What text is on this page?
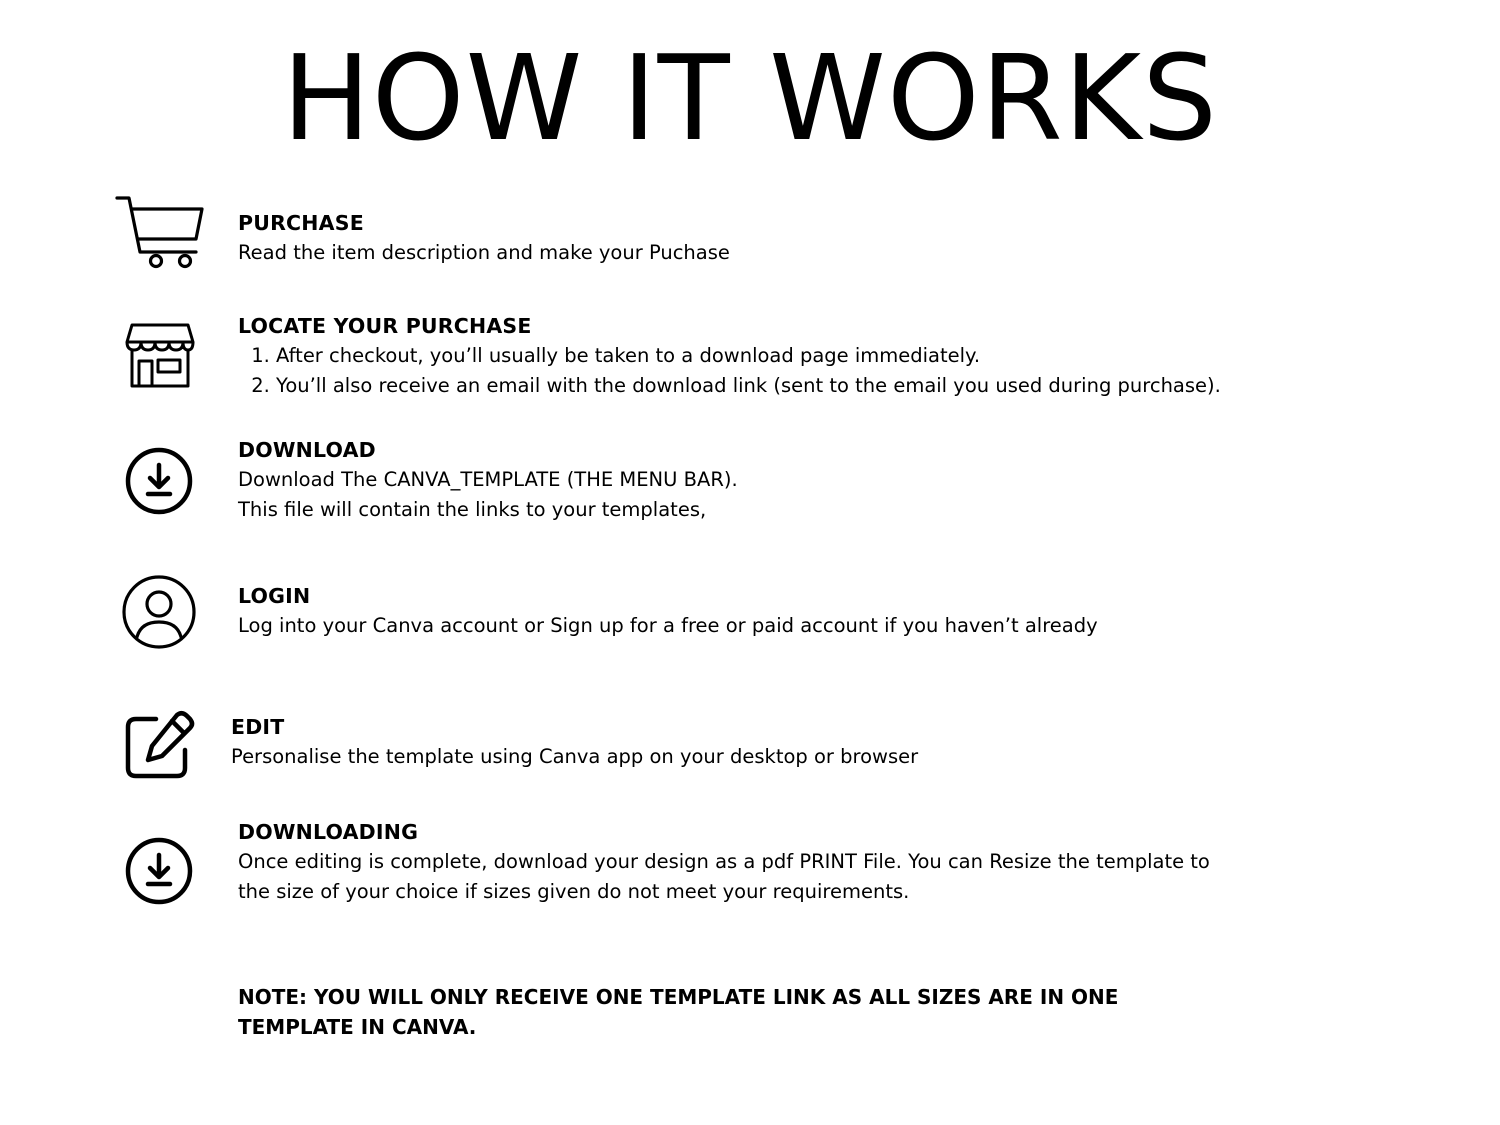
HOW IT WORKS
PURCHASE
Read the item description and make your Puchase
LOCATE YOUR PURCHASE
1. After checkout, you’ll usually be taken to a download page immediately.
2. You’ll also receive an email with the download link (sent to the email you used during purchase).
DOWNLOAD
Download The CANVA_TEMPLATE (THE MENU BAR).
This file will contain the links to your templates,
LOGIN
Log into your Canva account or Sign up for a free or paid account if you haven’t already
EDIT
Personalise the template using Canva app on your desktop or browser
DOWNLOADING
Once editing is complete, download your design as a pdf PRINT File. You can Resize the template to
the size of your choice if sizes given do not meet your requirements.
NOTE: YOU WILL ONLY RECEIVE ONE TEMPLATE LINK AS ALL SIZES ARE IN ONE TEMPLATE IN CANVA.
